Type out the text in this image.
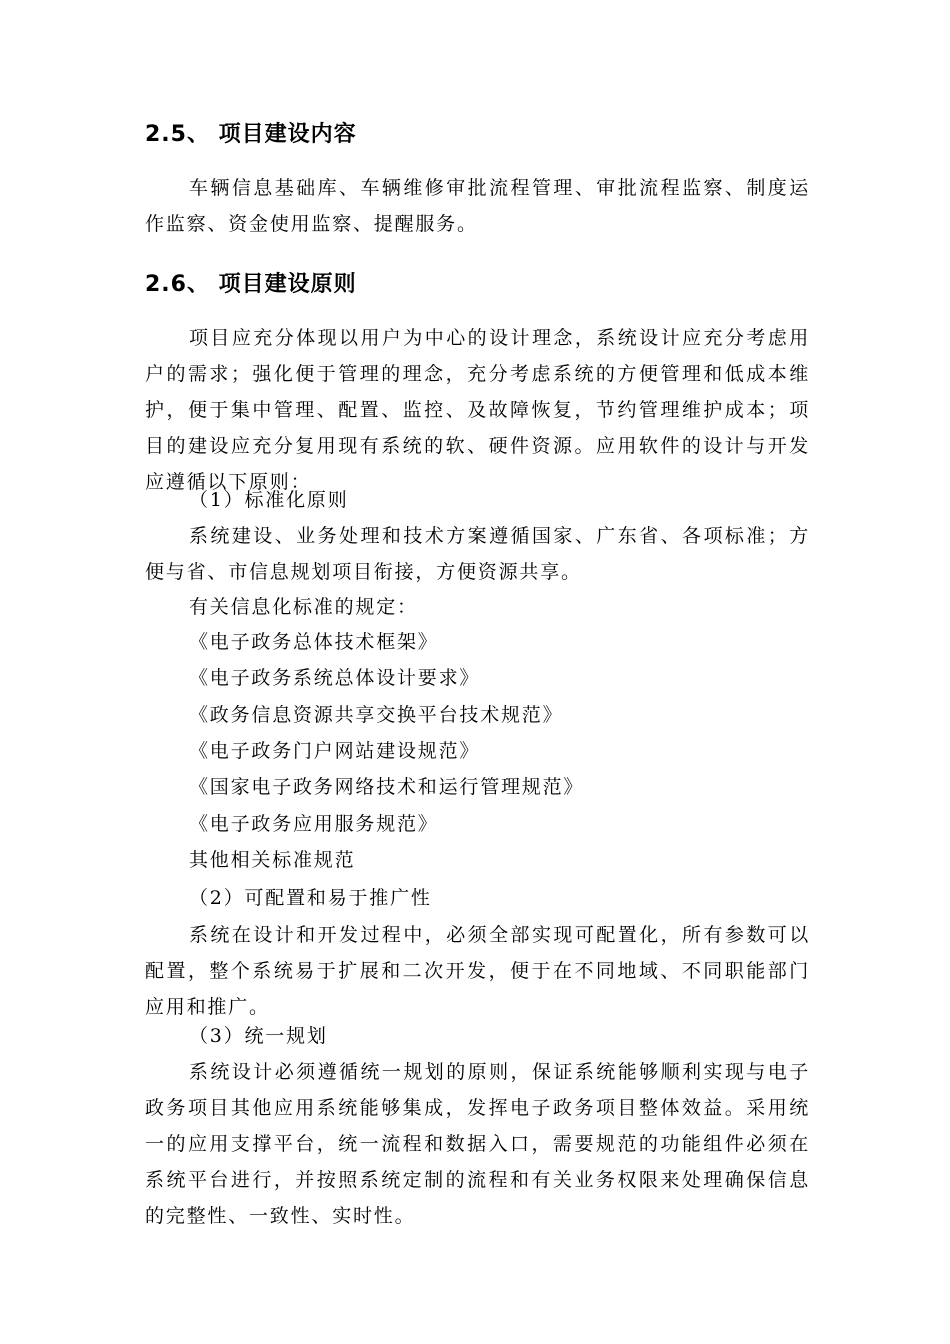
2.5、 项目建设内容
车辆信息基础库、车辆维修审批流程管理、审批流程监察、制度运作监察、资金使用监察、提醒服务。
2.6、 项目建设原则
项目应充分体现以用户为中心的设计理念，系统设计应充分考虑用户的需求；强化便于管理的理念，充分考虑系统的方便管理和低成本维护，便于集中管理、配置、监控、及故障恢复，节约管理维护成本；项目的建设应充分复用现有系统的软、硬件资源。应用软件的设计与开发应遵循以下原则：
（1）标准化原则
系统建设、业务处理和技术方案遵循国家、广东省、各项标准；方便与省、市信息规划项目衔接，方便资源共享。
有关信息化标准的规定：
《电子政务总体技术框架》
《电子政务系统总体设计要求》
《政务信息资源共享交换平台技术规范》
《电子政务门户网站建设规范》
《国家电子政务网络技术和运行管理规范》
《电子政务应用服务规范》
其他相关标准规范
（2）可配置和易于推广性
系统在设计和开发过程中，必须全部实现可配置化，所有参数可以配置，整个系统易于扩展和二次开发，便于在不同地域、不同职能部门应用和推广。
（3）统一规划
系统设计必须遵循统一规划的原则，保证系统能够顺利实现与电子政务项目其他应用系统能够集成，发挥电子政务项目整体效益。采用统一的应用支撑平台，统一流程和数据入口，需要规范的功能组件必须在系统平台进行，并按照系统定制的流程和有关业务权限来处理确保信息的完整性、一致性、实时性。
